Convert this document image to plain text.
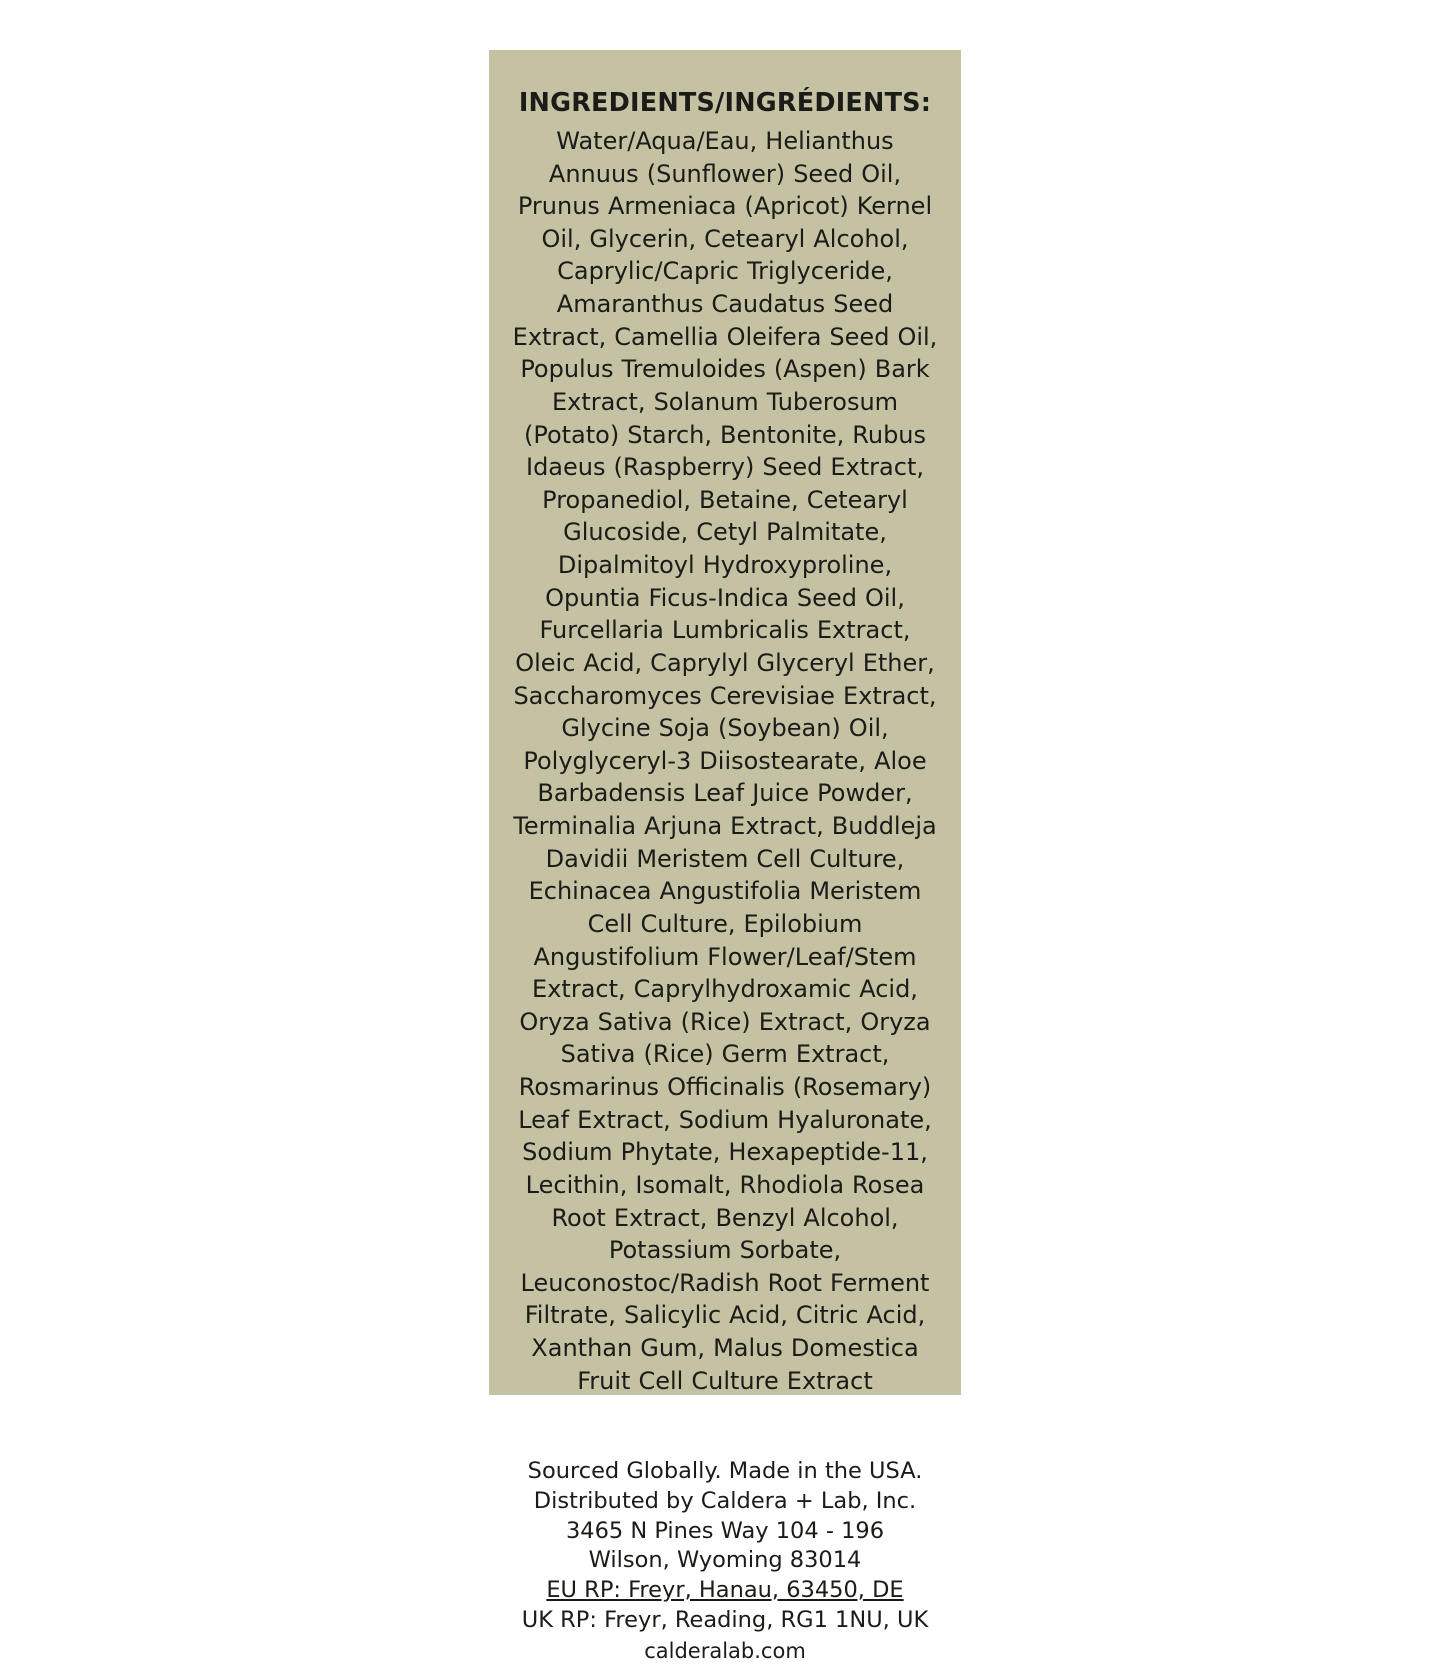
INGREDIENTS/INGRÉDIENTS:
Water/Aqua/Eau, Helianthus Annuus (Sunflower) Seed Oil, Prunus Armeniaca (Apricot) Kernel Oil, Glycerin, Cetearyl Alcohol, Caprylic/Capric Triglyceride, Amaranthus Caudatus Seed Extract, Camellia Oleifera Seed Oil, Populus Tremuloides (Aspen) Bark Extract, Solanum Tuberosum (Potato) Starch, Bentonite, Rubus Idaeus (Raspberry) Seed Extract, Propanediol, Betaine, Cetearyl Glucoside, Cetyl Palmitate, Dipalmitoyl Hydroxyproline, Opuntia Ficus-Indica Seed Oil, Furcellaria Lumbricalis Extract, Oleic Acid, Caprylyl Glyceryl Ether, Saccharomyces Cerevisiae Extract, Glycine Soja (Soybean) Oil, Polyglyceryl-3 Diisostearate, Aloe Barbadensis Leaf Juice Powder, Terminalia Arjuna Extract, Buddleja Davidii Meristem Cell Culture, Echinacea Angustifolia Meristem Cell Culture, Epilobium Angustifolium Flower/Leaf/Stem Extract, Caprylhydroxamic Acid, Oryza Sativa (Rice) Extract, Oryza Sativa (Rice) Germ Extract, Rosmarinus Officinalis (Rosemary) Leaf Extract, Sodium Hyaluronate, Sodium Phytate, Hexapeptide-11, Lecithin, Isomalt, Rhodiola Rosea Root Extract, Benzyl Alcohol, Potassium Sorbate, Leuconostoc/Radish Root Ferment Filtrate, Salicylic Acid, Citric Acid, Xanthan Gum, Malus Domestica Fruit Cell Culture Extract
Sourced Globally. Made in the USA.
Distributed by Caldera + Lab, Inc.
3465 N Pines Way 104 - 196
Wilson, Wyoming 83014
EU RP: Freyr, Hanau, 63450, DE
UK RP: Freyr, Reading, RG1 1NU, UK
calderalab.com
